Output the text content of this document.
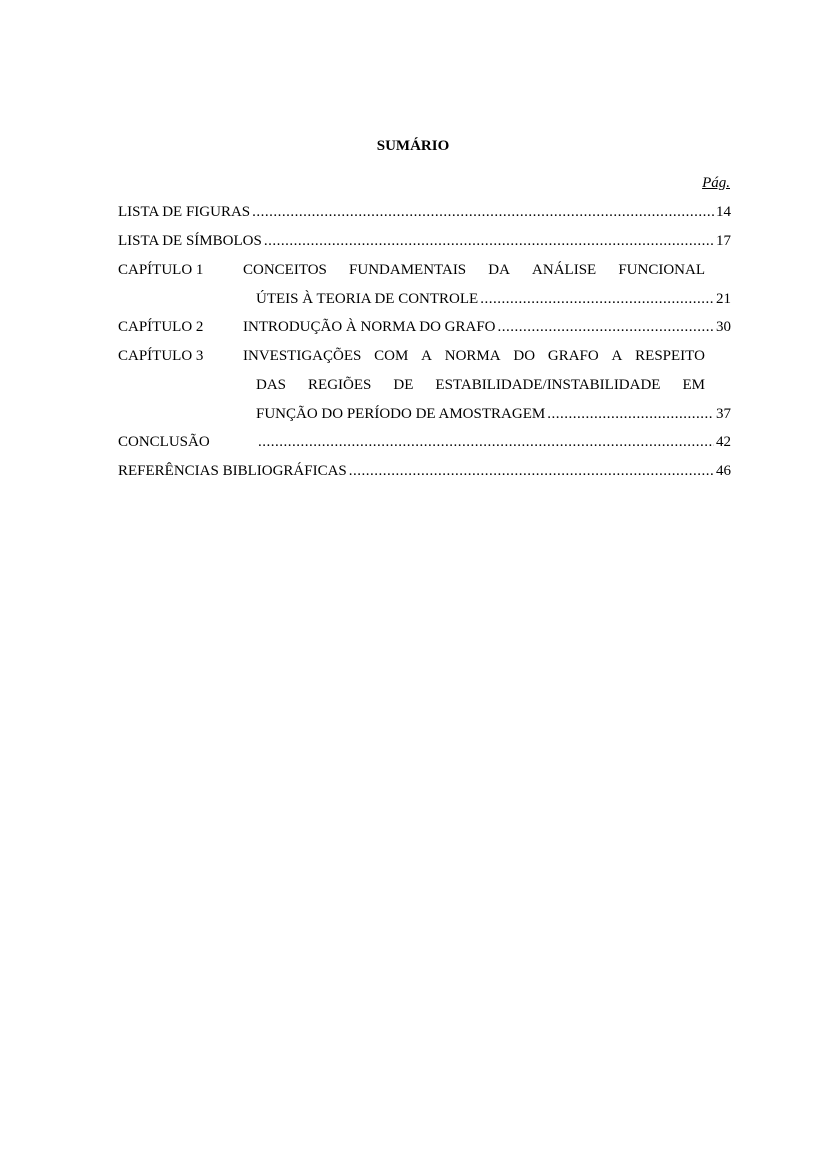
SUMÁRIO
Pág.
LISTA DE FIGURAS .....	14
LISTA DE SÍMBOLOS .....	17
CAPÍTULO 1	CONCEITOS FUNDAMENTAIS DA ANÁLISE FUNCIONAL
ÚTEIS À TEORIA DE CONTROLE .....	21
CAPÍTULO 2	INTRODUÇÃO À NORMA DO GRAFO .....	30
CAPÍTULO 3	INVESTIGAÇÕES COM A NORMA DO GRAFO A RESPEITO
DAS REGIÕES DE ESTABILIDADE/INSTABILIDADE EM
FUNÇÃO DO PERÍODO DE AMOSTRAGEM .....	37
CONCLUSÃO .....	42
REFERÊNCIAS BIBLIOGRÁFICAS .....	46
